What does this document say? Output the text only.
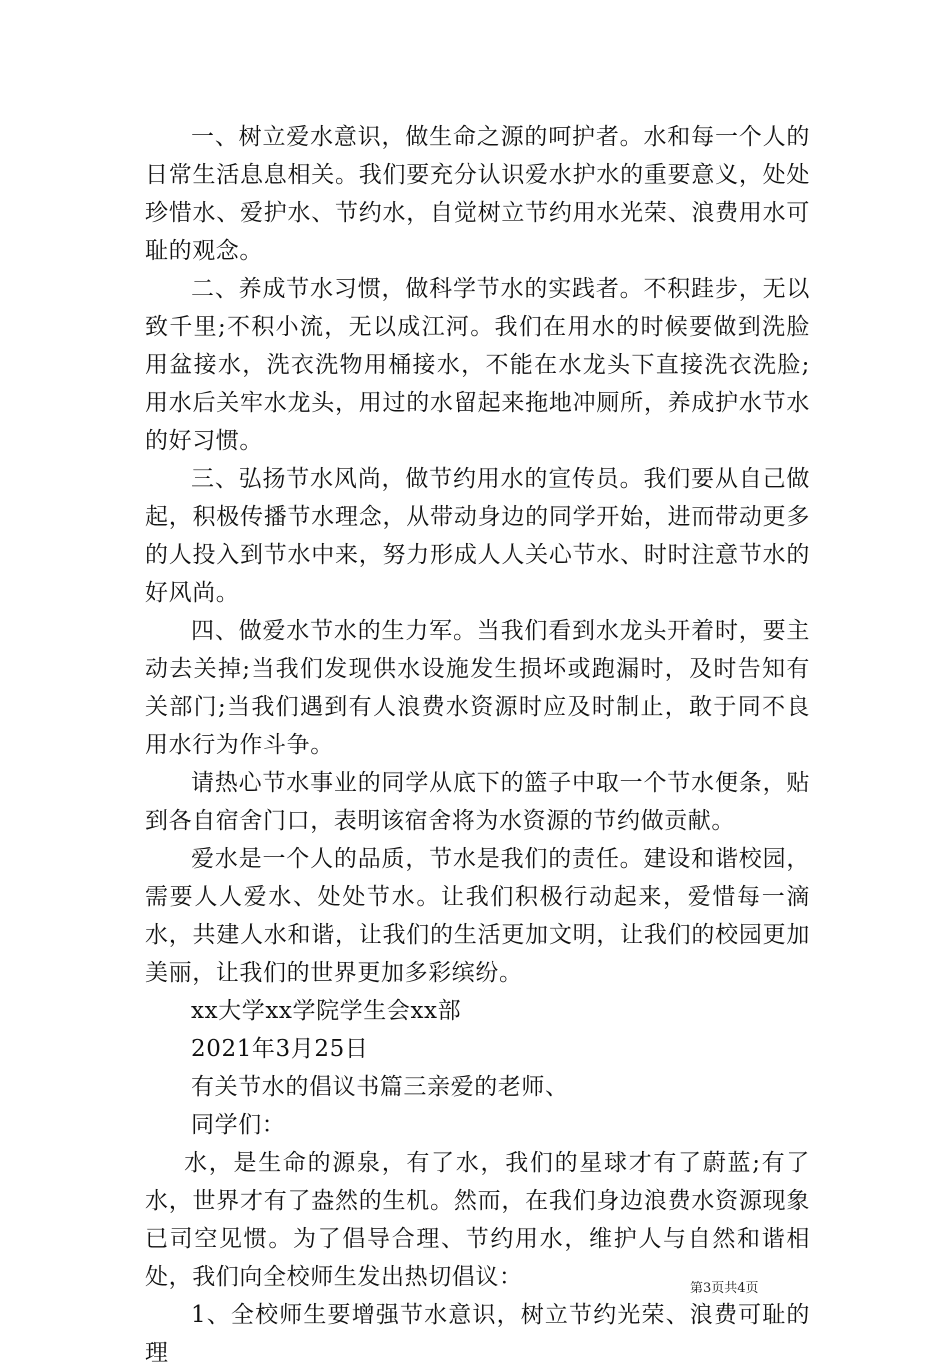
一、树立爱水意识，做生命之源的呵护者。水和每一个人的日常生活息息相关。我们要充分认识爱水护水的重要意义，处处珍惜水、爱护水、节约水，自觉树立节约用水光荣、浪费用水可耻的观念。

二、养成节水习惯，做科学节水的实践者。不积跬步，无以致千里;不积小流，无以成江河。我们在用水的时候要做到洗脸用盆接水，洗衣洗物用桶接水，不能在水龙头下直接洗衣洗脸;用水后关牢水龙头，用过的水留起来拖地冲厕所，养成护水节水的好习惯。

三、弘扬节水风尚，做节约用水的宣传员。我们要从自己做起，积极传播节水理念，从带动身边的同学开始，进而带动更多的人投入到节水中来，努力形成人人关心节水、时时注意节水的好风尚。

四、做爱水节水的生力军。当我们看到水龙头开着时，要主动去关掉;当我们发现供水设施发生损坏或跑漏时，及时告知有关部门;当我们遇到有人浪费水资源时应及时制止，敢于同不良用水行为作斗争。

请热心节水事业的同学从底下的篮子中取一个节水便条，贴到各自宿舍门口，表明该宿舍将为水资源的节约做贡献。

爱水是一个人的品质，节水是我们的责任。建设和谐校园，需要人人爱水、处处节水。让我们积极行动起来，爱惜每一滴水，共建人水和谐，让我们的生活更加文明，让我们的校园更加美丽，让我们的世界更加多彩缤纷。

xx大学xx学院学生会xx部

2021年3月25日

有关节水的倡议书篇三亲爱的老师、

同学们：

水，是生命的源泉，有了水，我们的星球才有了蔚蓝;有了水，世界才有了盎然的生机。然而，在我们身边浪费水资源现象已司空见惯。为了倡导合理、节约用水，维护人与自然和谐相处，我们向全校师生发出热切倡议：

1、全校师生要增强节水意识，树立节约光荣、浪费可耻的理

第3页共4页
